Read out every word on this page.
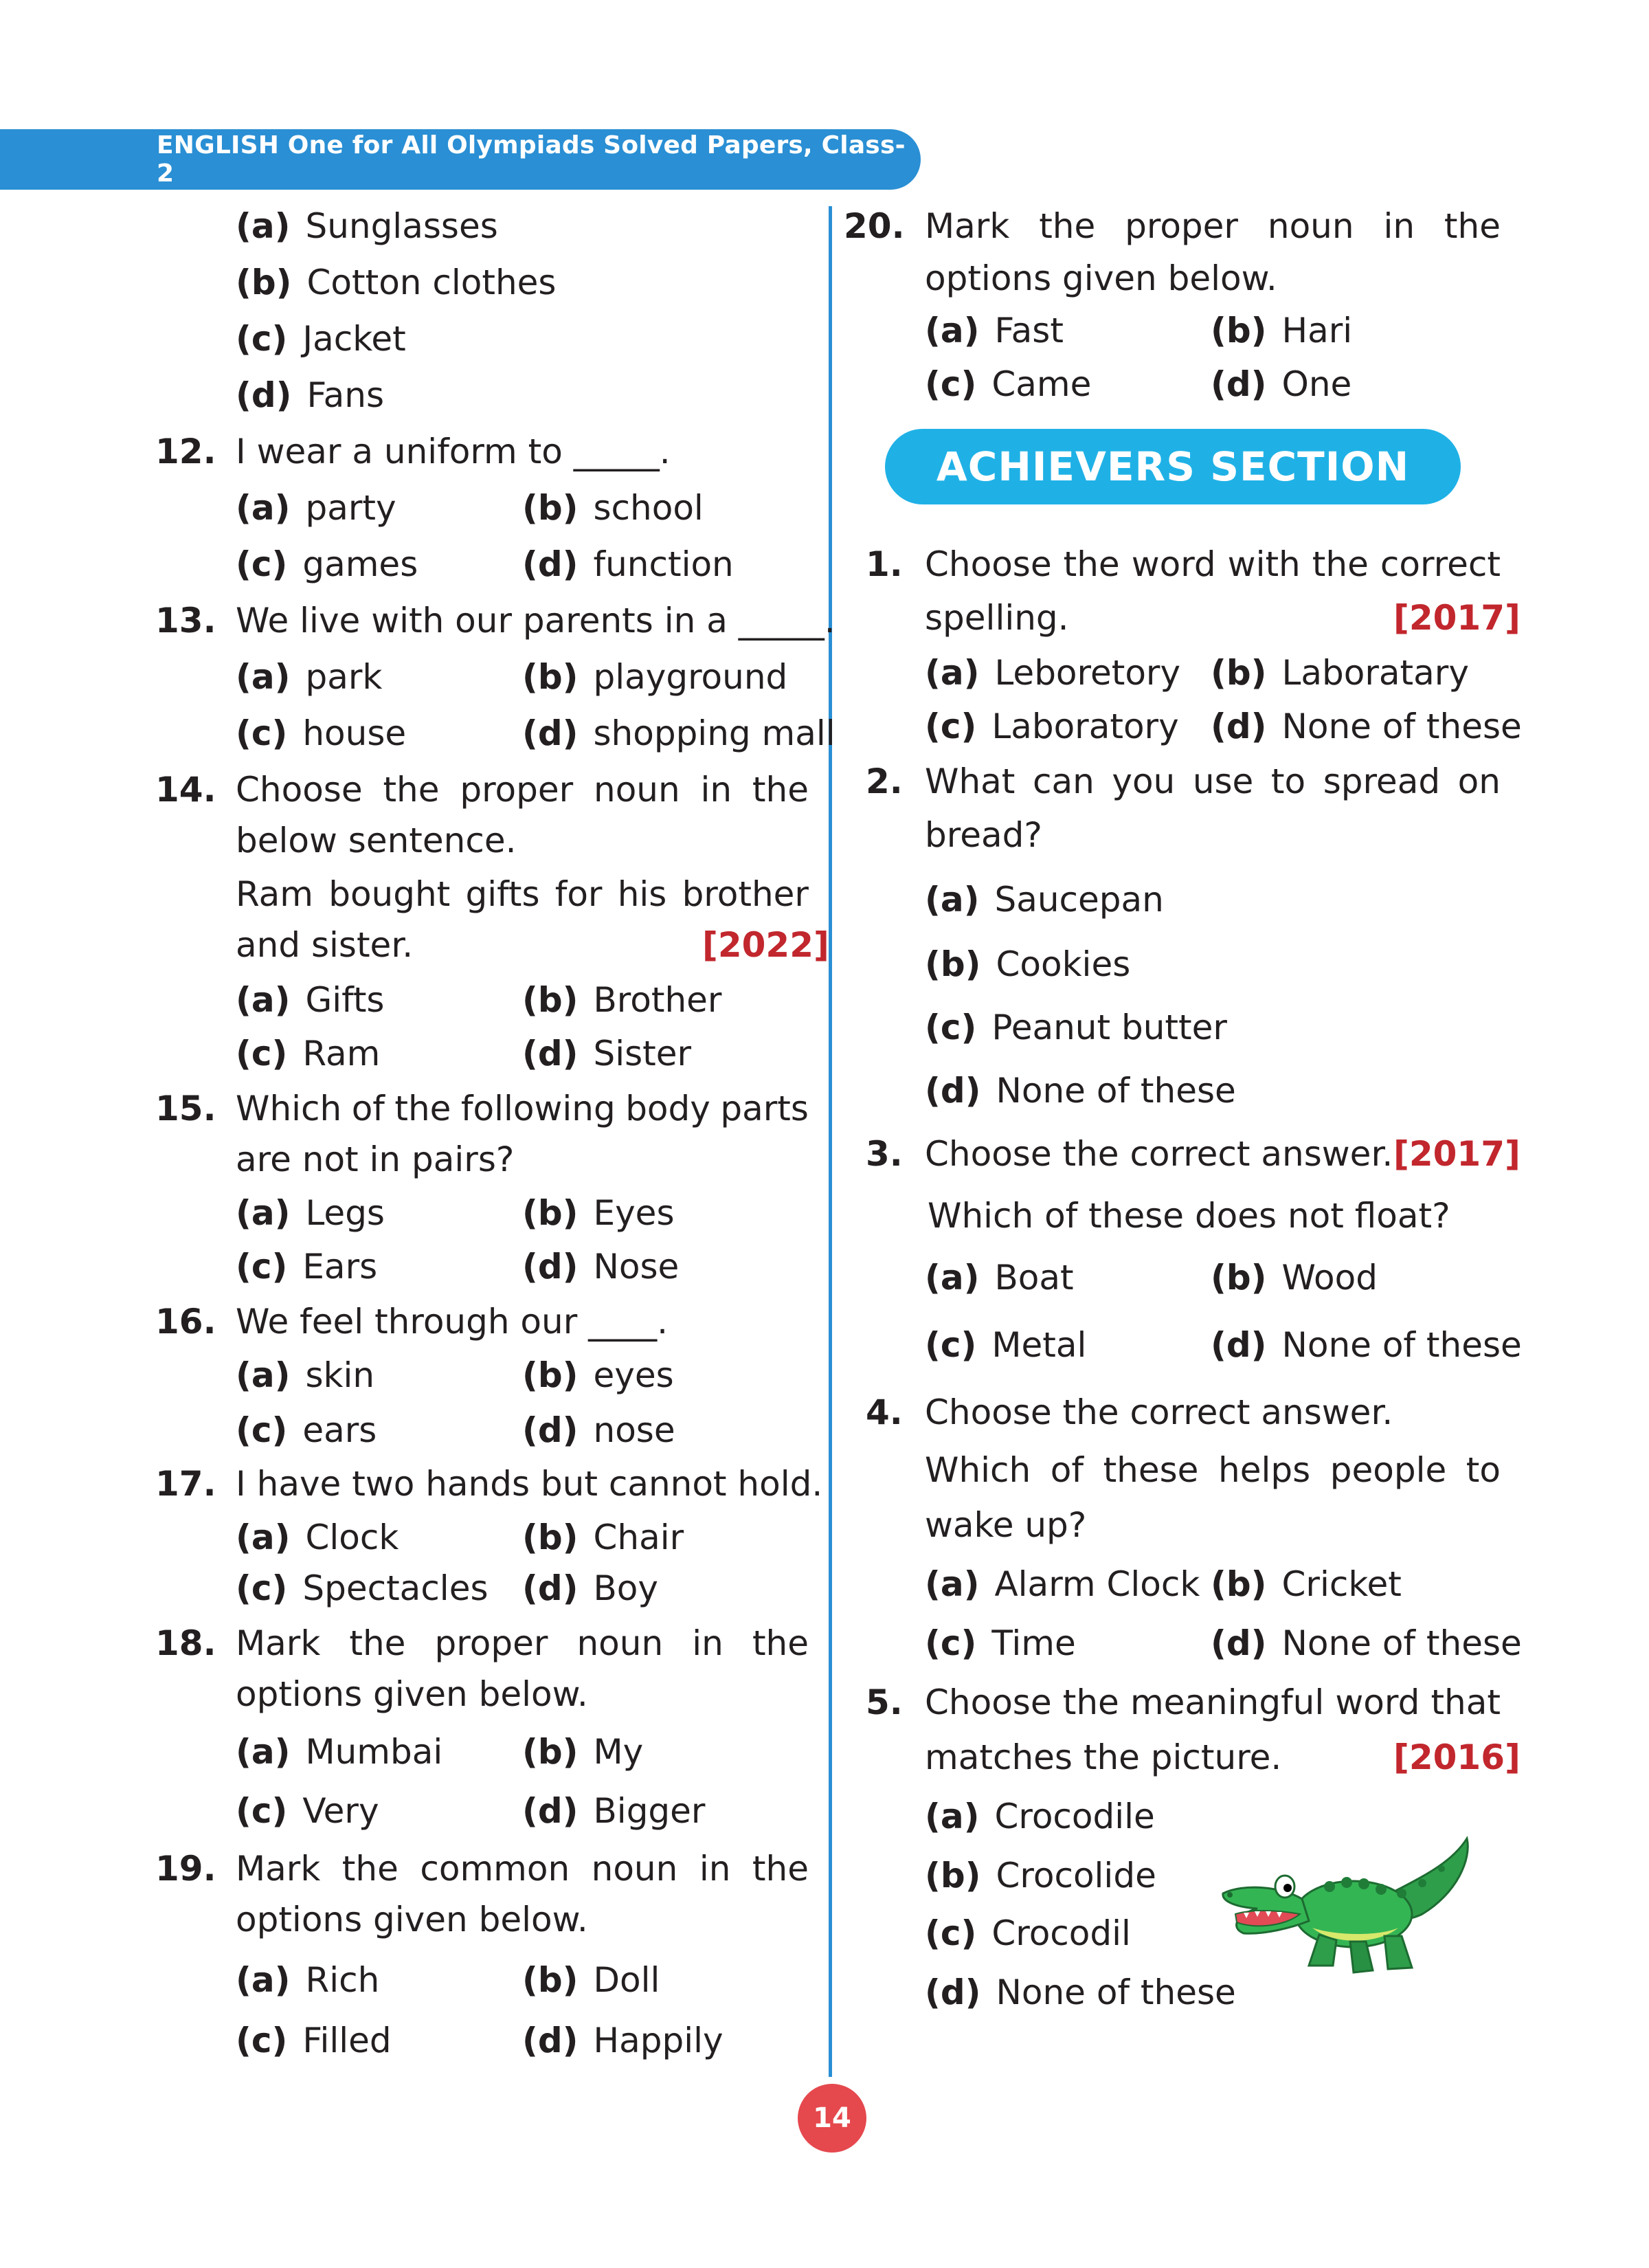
ENGLISH One for All Olympiads Solved Papers, Class-2
(a) Sunglasses
(b) Cotton clothes
(c) Jacket
(d) Fans
12. I wear a uniform to _____.
(a) party	(b) school
(c) games	(d) function
13. We live with our parents in a _____.
(a) park	(b) playground
(c) house	(d) shopping mall
14. Choose the proper noun in the
below sentence.
Ram bought gifts for his brother
and sister.	[2022]
(a) Gifts	(b) Brother
(c) Ram	(d) Sister
15. Which of the following body parts
are not in pairs?
(a) Legs	(b) Eyes
(c) Ears	(d) Nose
16. We feel through our ____.
(a) skin	(b) eyes
(c) ears	(d) nose
17. I have two hands but cannot hold.
(a) Clock	(b) Chair
(c) Spectacles (d) Boy
18. Mark the proper noun in the
options given below.
(a) Mumbai (b) My
(c) Very	(d) Bigger
19. Mark the common noun in the
options given below.
(a) Rich	(b) Doll
(c) Filled	(d) Happily
20. Mark the proper noun in the
options given below.
(a) Fast	(b) Hari
(c) Came	(d) One
ACHIEVERS SECTION
1. Choose the word with the correct
spelling.	[2017]
(a) Leboretory (b) Laboratary
(c) Laboratory (d) None of these
2. What can you use to spread on
bread?
(a) Saucepan
(b) Cookies
(c) Peanut butter
(d) None of these
3. Choose the correct answer. [2017]
Which of these does not float?
(a) Boat	(b) Wood
(c) Metal	(d) None of these
4. Choose the correct answer.
Which of these helps people to
wake up?
(a) Alarm Clock (b) Cricket
(c) Time	(d) None of these
5. Choose the meaningful word that
matches the picture.	[2016]
(a) Crocodile
(b) Crocolide
(c) Crocodil
(d) None of these
14
